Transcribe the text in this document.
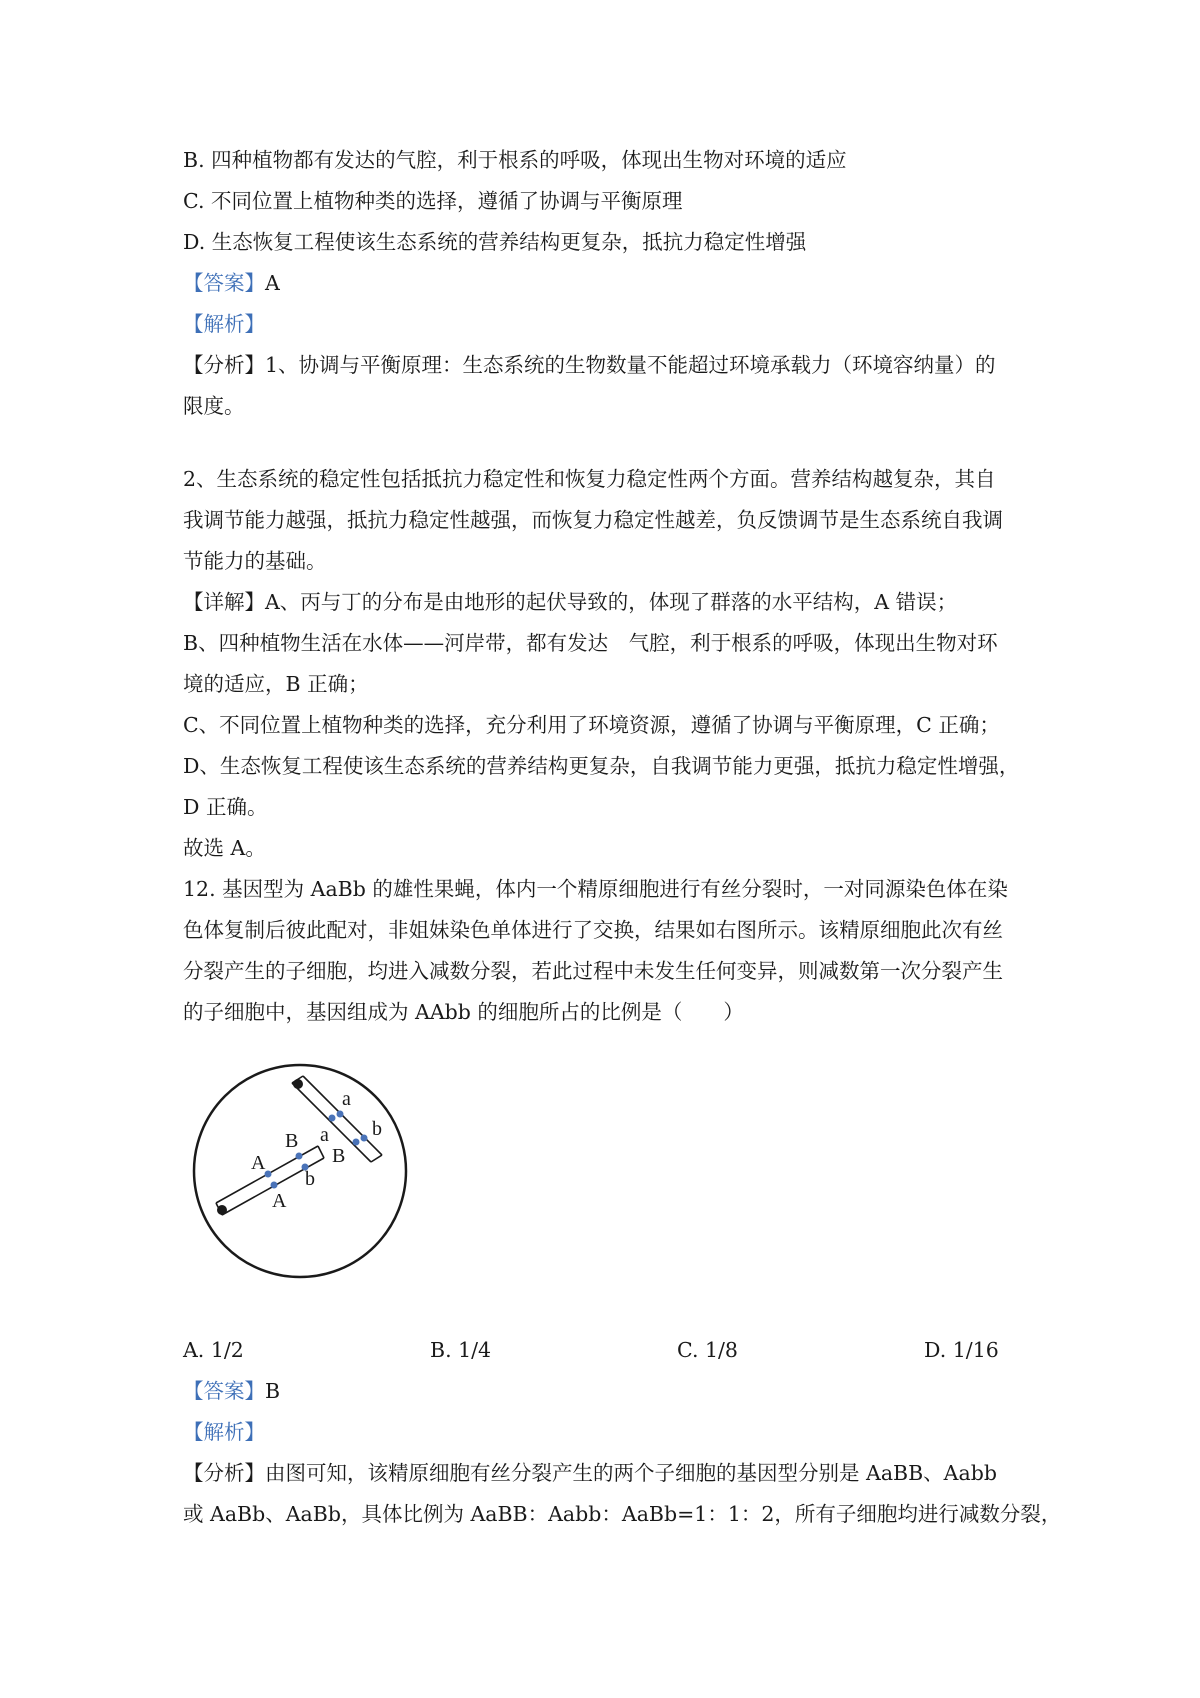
B. 四种植物都有发达的气腔，利于根系的呼吸，体现出生物对环境的适应
C. 不同位置上植物种类的选择，遵循了协调与平衡原理
D. 生态恢复工程使该生态系统的营养结构更复杂，抵抗力稳定性增强
【答案】A
【解析】
【分析】1、协调与平衡原理：生态系统的生物数量不能超过环境承载力（环境容纳量）的
限度。
2、生态系统的稳定性包括抵抗力稳定性和恢复力稳定性两个方面。营养结构越复杂，其自
我调节能力越强，抵抗力稳定性越强，而恢复力稳定性越差，负反馈调节是生态系统自我调
节能力的基础。
【详解】A、丙与丁的分布是由地形的起伏导致的，体现了群落的水平结构，A 错误；
B、四种植物生活在水体——河岸带，都有发达　气腔，利于根系的呼吸，体现出生物对环
境的适应，B 正确；
C、不同位置上植物种类的选择，充分利用了环境资源，遵循了协调与平衡原理，C 正确；
D、生态恢复工程使该生态系统的营养结构更复杂，自我调节能力更强，抵抗力稳定性增强，
D 正确。
故选 A。
12. 基因型为 AaBb 的雄性果蝇，体内一个精原细胞进行有丝分裂时，一对同源染色体在染
色体复制后彼此配对，非姐妹染色单体进行了交换，结果如右图所示。该精原细胞此次有丝
分裂产生的子细胞，均进入减数分裂，若此过程中未发生任何变异，则减数第一次分裂产生
的子细胞中，基因组成为 AAbb 的细胞所占的比例是（　　）
A
B
b
A
a
a b
B
A. 1/2	B. 1/4	C. 1/8	D. 1/16
【答案】B
【解析】
【分析】由图可知，该精原细胞有丝分裂产生的两个子细胞的基因型分别是 AaBB、Aabb
或 AaBb、AaBb，具体比例为 AaBB：Aabb：AaBb=1：1：2，所有子细胞均进行减数分裂，
